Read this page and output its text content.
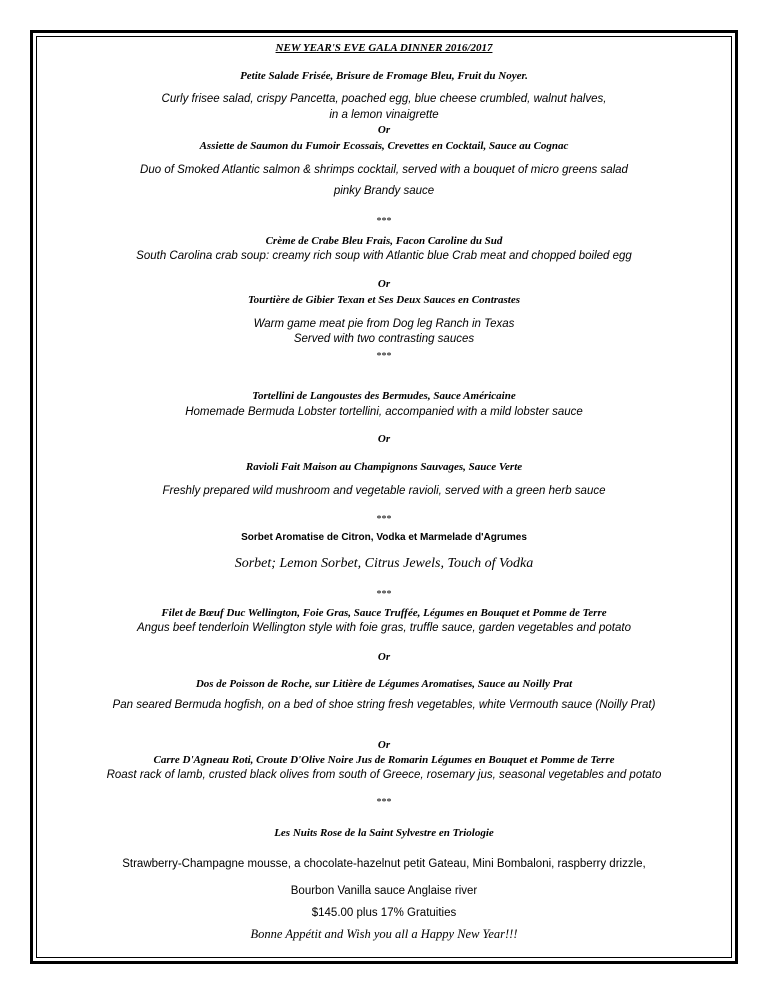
NEW YEAR'S EVE GALA DINNER 2016/2017
Petite Salade Frisée, Brisure de Fromage Bleu, Fruit du Noyer.
Curly frisee salad, crispy Pancetta, poached egg, blue cheese crumbled, walnut halves,
in a lemon vinaigrette
Or
Assiette de Saumon du Fumoir Ecossais, Crevettes en Cocktail, Sauce au Cognac
Duo of Smoked Atlantic salmon & shrimps cocktail, served with a bouquet of micro greens salad
pinky Brandy sauce
***
Crème de Crabe Bleu Frais, Facon Caroline du Sud
South Carolina crab soup: creamy rich soup with Atlantic blue Crab meat and chopped boiled egg
Or
Tourtière de Gibier Texan et Ses Deux Sauces en Contrastes
Warm game meat pie from Dog leg Ranch in Texas
Served with two contrasting sauces
***
Tortellini de Langoustes des Bermudes, Sauce Américaine
Homemade Bermuda Lobster tortellini, accompanied with a mild lobster sauce
Or
Ravioli Fait Maison au Champignons Sauvages, Sauce Verte
Freshly prepared wild mushroom and vegetable ravioli, served with a green herb sauce
***
Sorbet Aromatise de Citron, Vodka et Marmelade d'Agrumes
Sorbet; Lemon Sorbet, Citrus Jewels, Touch of Vodka
***
Filet de Bœuf Duc Wellington, Foie Gras, Sauce Truffée, Légumes en Bouquet et Pomme de Terre
Angus beef tenderloin Wellington style with foie gras, truffle sauce, garden vegetables and potato
Or
Dos de Poisson de Roche, sur Litière de Légumes Aromatises, Sauce au Noilly Prat
Pan seared Bermuda hogfish, on a bed of shoe string fresh vegetables, white Vermouth sauce (Noilly Prat)
Or
Carre D'Agneau Roti, Croute D'Olive Noire Jus de Romarin Légumes en Bouquet et Pomme de Terre
Roast rack of lamb, crusted black olives from south of Greece, rosemary jus, seasonal vegetables and potato
***
Les Nuits Rose de la Saint Sylvestre en Triologie
Strawberry-Champagne mousse, a chocolate-hazelnut petit Gateau, Mini Bombaloni, raspberry drizzle,
Bourbon Vanilla sauce Anglaise river
$145.00 plus 17% Gratuities
Bonne Appétit and Wish you all a Happy New Year!!!
